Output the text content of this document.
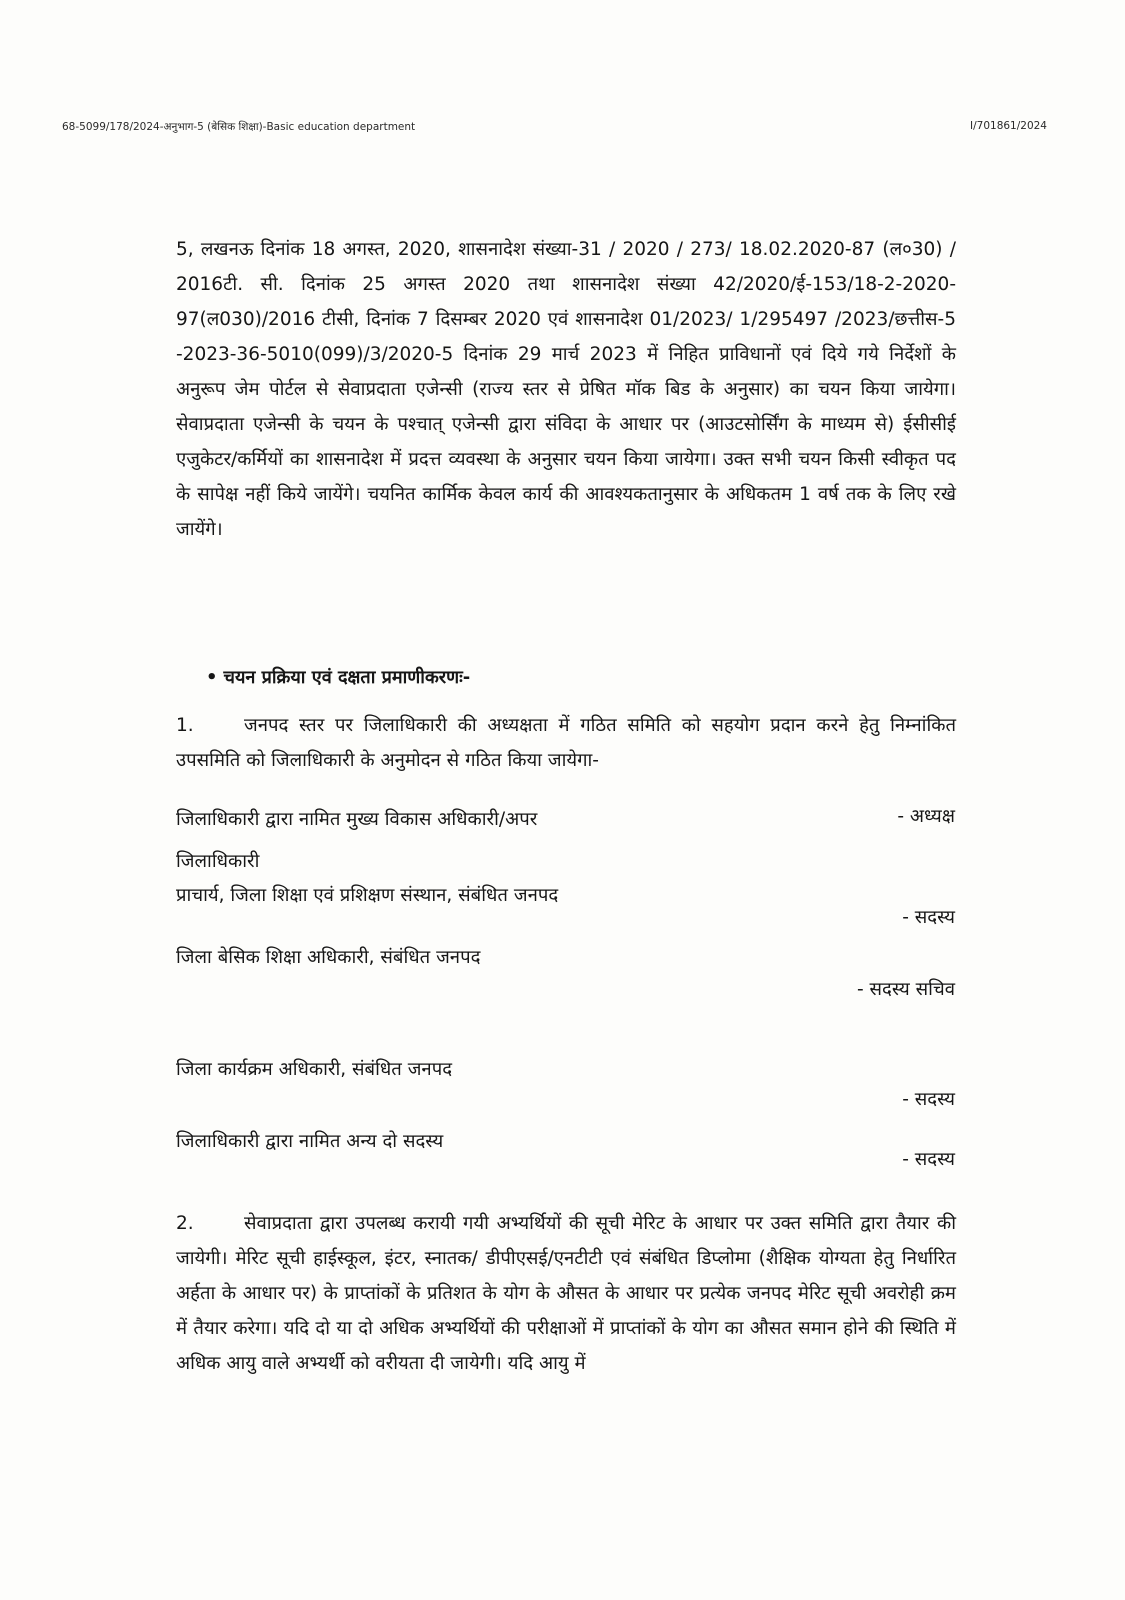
68-5099/178/2024-अनुभाग-5 (बेसिक शिक्षा)-Basic education department	I/701861/2024

5, लखनऊ दिनांक 18 अगस्त, 2020, शासनादेश संख्या-31 / 2020 / 273/ 18.02.2020-87 (ल०30) / 2016टी. सी. दिनांक 25 अगस्त 2020 तथा शासनादेश संख्या 42/2020/ई-153/18-2-2020-97(ल030)/2016 टीसी, दिनांक 7 दिसम्बर 2020 एवं शासनादेश 01/2023/ 1/295497 /2023/छत्तीस-5 -2023-36-5010(099)/3/2020-5 दिनांक 29 मार्च 2023 में निहित प्राविधानों एवं दिये गये निर्देशों के अनुरूप जेम पोर्टल से सेवाप्रदाता एजेन्सी (राज्य स्तर से प्रेषित मॉक बिड के अनुसार) का चयन किया जायेगा। सेवाप्रदाता एजेन्सी के चयन के पश्चात् एजेन्सी द्वारा संविदा के आधार पर (आउटसोर्सिंग के माध्यम से) ईसीसीई एजुकेटर/कर्मियों का शासनादेश में प्रदत्त व्यवस्था के अनुसार चयन किया जायेगा। उक्त सभी चयन किसी स्वीकृत पद के सापेक्ष नहीं किये जायेंगे। चयनित कार्मिक केवल कार्य की आवश्यकतानुसार के अधिकतम 1 वर्ष तक के लिए रखे जायेंगे।

• चयन प्रक्रिया एवं दक्षता प्रमाणीकरणः-

1.	जनपद स्तर पर जिलाधिकारी की अध्यक्षता में गठित समिति को सहयोग प्रदान करने हेतु निम्नांकित उपसमिति को जिलाधिकारी के अनुमोदन से गठित किया जायेगा-

जिलाधिकारी द्वारा नामित मुख्य विकास अधिकारी/अपर
जिलाधिकारी
- अध्यक्ष
प्राचार्य, जिला शिक्षा एवं प्रशिक्षण संस्थान, संबंधित जनपद
- सदस्य
जिला बेसिक शिक्षा अधिकारी, संबंधित जनपद
- सदस्य सचिव
जिला कार्यक्रम अधिकारी, संबंधित जनपद
- सदस्य
जिलाधिकारी द्वारा नामित अन्य दो सदस्य
- सदस्य

2.	सेवाप्रदाता द्वारा उपलब्ध करायी गयी अभ्यर्थियों की सूची मेरिट के आधार पर उक्त समिति द्वारा तैयार की जायेगी। मेरिट सूची हाईस्कूल, इंटर, स्नातक/ डीपीएसई/एनटीटी एवं संबंधित डिप्लोमा (शैक्षिक योग्यता हेतु निर्धारित अर्हता के आधार पर) के प्राप्तांकों के प्रतिशत के योग के औसत के आधार पर प्रत्येक जनपद मेरिट सूची अवरोही क्रम में तैयार करेगा। यदि दो या दो अधिक अभ्यर्थियों की परीक्षाओं में प्राप्तांकों के योग का औसत समान होने की स्थिति में अधिक आयु वाले अभ्यर्थी को वरीयता दी जायेगी। यदि आयु में
